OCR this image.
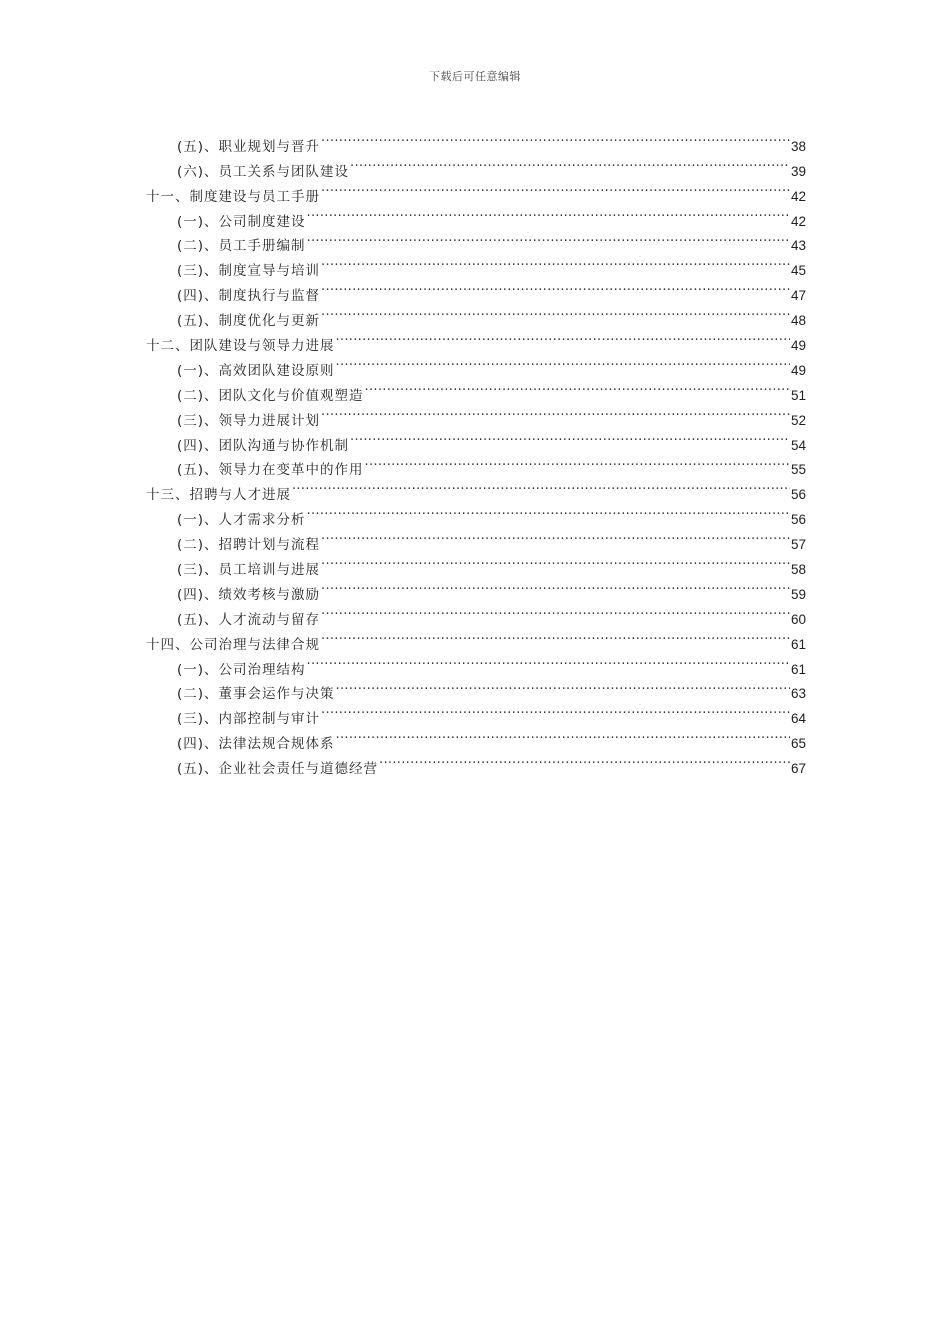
下载后可任意编辑
(五)、职业规划与晋升 .....	38
(六)、员工关系与团队建设 .....	39
十一、制度建设与员工手册 .....	42
(一)、公司制度建设 .....	42
(二)、员工手册编制 .....	43
(三)、制度宣导与培训 .....	45
(四)、制度执行与监督 .....	47
(五)、制度优化与更新 .....	48
十二、团队建设与领导力进展 .....	49
(一)、高效团队建设原则 .....	49
(二)、团队文化与价值观塑造 .....	51
(三)、领导力进展计划 .....	52
(四)、团队沟通与协作机制 .....	54
(五)、领导力在变革中的作用 .....	55
十三、招聘与人才进展 .....	56
(一)、人才需求分析 .....	56
(二)、招聘计划与流程 .....	57
(三)、员工培训与进展 .....	58
(四)、绩效考核与激励 .....	59
(五)、人才流动与留存 .....	60
十四、公司治理与法律合规 .....	61
(一)、公司治理结构 .....	61
(二)、董事会运作与决策 .....	63
(三)、内部控制与审计 .....	64
(四)、法律法规合规体系 .....	65
(五)、企业社会责任与道德经营 .....	67
